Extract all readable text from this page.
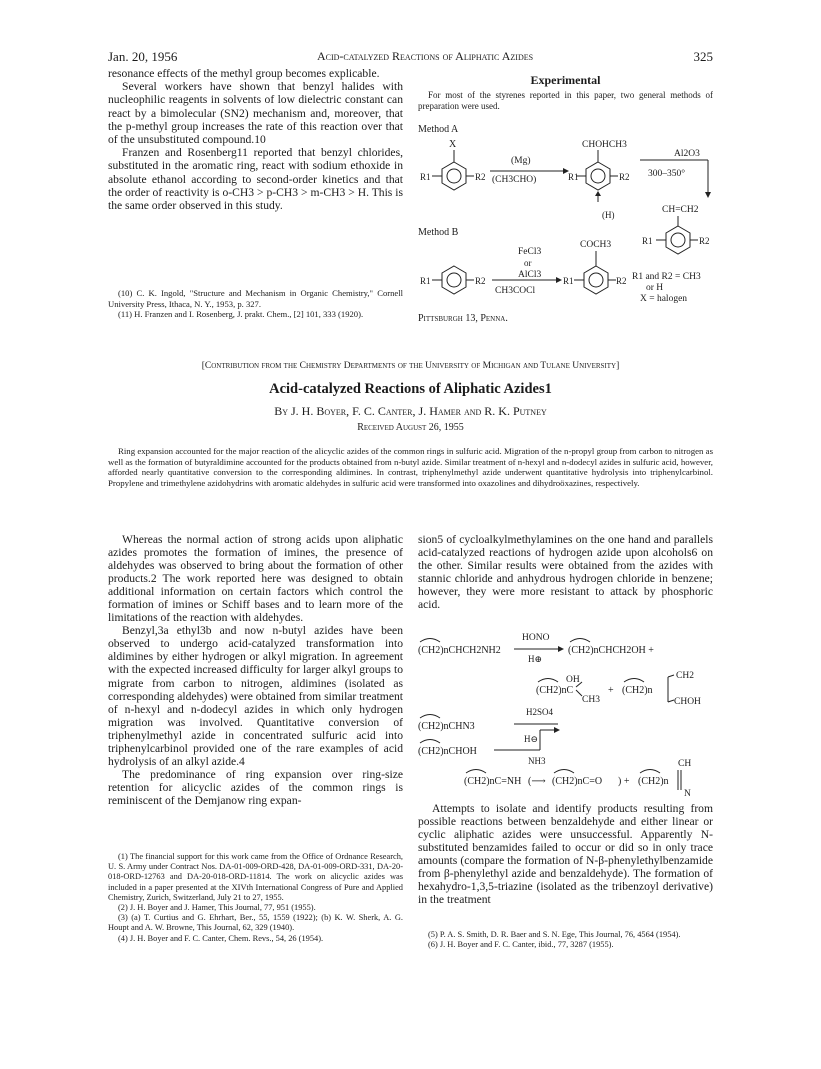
Jan. 20, 1956	Acid-catalyzed Reactions of Aliphatic Azides	325

resonance effects of the methyl group becomes explicable.

Several workers have shown that benzyl halides with nucleophilic reagents in solvents of low dielectric constant can react by a bimolecular (SN2) mechanism and, moreover, that the p-methyl group increases the rate of this reaction over that of the unsubstituted compound.10

Franzen and Rosenberg11 reported that benzyl chlorides, substituted in the aromatic ring, react with sodium ethoxide in absolute ethanol according to second-order kinetics and that the order of reactivity is o-CH3 > p-CH3 > m-CH3 > H. This is the same order observed in this study.

(10) C. K. Ingold, "Structure and Mechanism in Organic Chemistry," Cornell University Press, Ithaca, N. Y., 1953, p. 327.

(11) H. Franzen and I. Rosenberg, J. prakt. Chem., [2] 101, 333 (1920).

Experimental

For most of the styrenes reported in this paper, two general methods of preparation were used.

Method A
Method B
X
R1	R2
(Mg)
(CH3CHO)
CHOHCH3
R1	R2
(H)
Al2O3
300–350°
CH=CH2
R1	R2
R1	R2
FeCl3
or
AlCl3
CH3COCl
COCH3
R1	R2 R1 and R2 = CH3
or H
X = halogen
Pittsburgh 13, Penna.
[Contribution from the Chemistry Departments of the University of Michigan and Tulane University]
Acid-catalyzed Reactions of Aliphatic Azides1
By J. H. Boyer, F. C. Canter, J. Hamer and R. K. Putney
Received August 26, 1955

Ring expansion accounted for the major reaction of the alicyclic azides of the common rings in sulfuric acid. Migration of the n-propyl group from carbon to nitrogen as well as the formation of butyraldimine accounted for the products obtained from n-butyl azide. Similar treatment of n-hexyl and n-dodecyl azides in sulfuric acid, however, afforded nearly quantitative conversion to the corresponding aldimines. In contrast, triphenylmethyl azide underwent quantitative hydrolysis into triphenylcarbinol. Propylene and trimethylene azidohydrins with aromatic aldehydes in sulfuric acid were transformed into oxazolines and dihydroöxazines, respectively.

Whereas the normal action of strong acids upon aliphatic azides promotes the formation of imines, the presence of aldehydes was observed to bring about the formation of other products.2 The work reported here was designed to obtain additional information on certain factors which control the formation of imines or Schiff bases and to learn more of the limitations of the reaction with aldehydes.

Benzyl,3a ethyl3b and now n-butyl azides have been observed to undergo acid-catalyzed transformation into aldimines by either hydrogen or alkyl migration. In agreement with the expected increased difficulty for larger alkyl groups to migrate from carbon to nitrogen, aldimines (isolated as corresponding aldehydes) were obtained from similar treatment of n-hexyl and n-dodecyl azides in which only hydrogen migration was involved. Quantitative conversion of triphenylmethyl azide in concentrated sulfuric acid into triphenylcarbinol provided one of the rare examples of acid hydrolysis of an alkyl azide.4

The predominance of ring expansion over ring-size retention for alicyclic azides of the common rings is reminiscent of the Demjanow ring expan-

(1) The financial support for this work came from the Office of Ordnance Research, U. S. Army under Contract Nos. DA-01-009-ORD-428, DA-01-009-ORD-331, DA-20-018-ORD-12763 and DA-20-018-ORD-11814. The work on alicyclic azides was included in a paper presented at the XIVth International Congress of Pure and Applied Chemistry, Zurich, Switzerland, July 21 to 27, 1955.

(2) J. H. Boyer and J. Hamer, This Journal, 77, 951 (1955).

(3) (a) T. Curtius and G. Ehrhart, Ber., 55, 1559 (1922); (b) K. W. Sherk, A. G. Houpt and A. W. Browne, This Journal, 62, 329 (1940).

(4) J. H. Boyer and F. C. Canter, Chem. Revs., 54, 26 (1954).

sion5 of cycloalkylmethylamines on the one hand and parallels acid-catalyzed reactions of hydrogen azide upon alcohols6 on the other. Similar results were obtained from the azides with stannic chloride and anhydrous hydrogen chloride in benzene; however, they were more resistant to attack by phosphoric acid.

(CH2)nCHCH2NH2
HONO
H⊕
(CH2)nCHCH2OH +
OH
(CH2)nC
CH3
+ (CH2)n
CH2
CHOH
(CH2)nCHN3
H2SO4
(CH2)nCHOH
H⊖
NH3	CH
(CH2)nC=NH (⟶ (CH2)nC=O ) + (CH2)n
N

Attempts to isolate and identify products resulting from possible reactions between benzaldehyde and either linear or cyclic aliphatic azides were unsuccessful. Apparently N-substituted benzamides failed to occur or did so in only trace amounts (compare the formation of N-β-phenylethylbenzamide from β-phenylethyl azide and benzaldehyde). The formation of hexahydro-1,3,5-triazine (isolated as the tribenzoyl derivative) in the treatment

(5) P. A. S. Smith, D. R. Baer and S. N. Ege, This Journal, 76, 4564 (1954).

(6) J. H. Boyer and F. C. Canter, ibid., 77, 3287 (1955).
